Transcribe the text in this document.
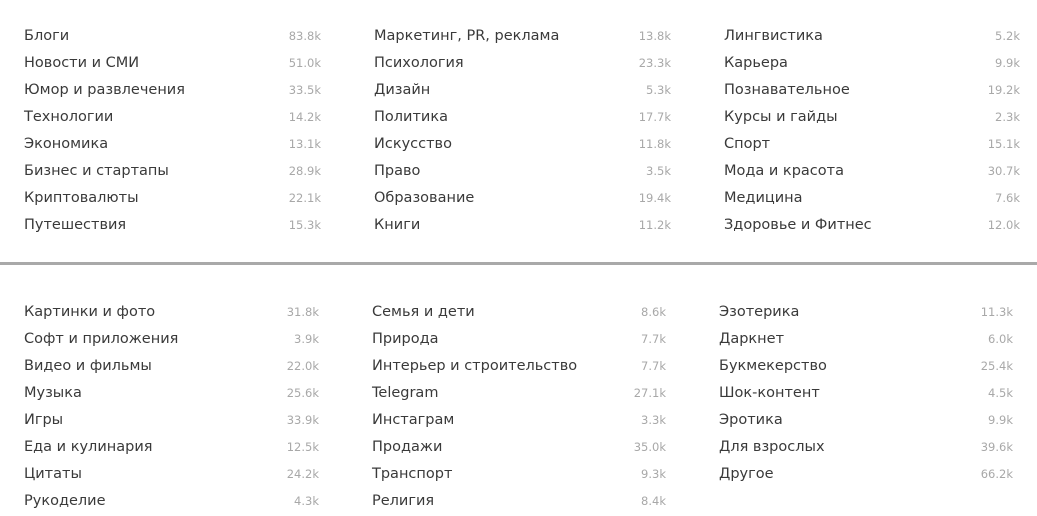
Блоги	83.8k
Новости и СМИ	51.0k
Юмор и развлечения	33.5k
Технологии	14.2k
Экономика	13.1k
Бизнес и стартапы	28.9k
Криптовалюты	22.1k
Путешествия	15.3k
Маркетинг, PR, реклама	13.8k
Психология	23.3k
Дизайн	5.3k
Политика	17.7k
Искусство	11.8k
Право	3.5k
Образование	19.4k
Книги	11.2k
Лингвистика	5.2k
Карьера	9.9k
Познавательное	19.2k
Курсы и гайды	2.3k
Спорт	15.1k
Мода и красота	30.7k
Медицина	7.6k
Здоровье и Фитнес	12.0k
Картинки и фото	31.8k
Софт и приложения	3.9k
Видео и фильмы	22.0k
Музыка	25.6k
Игры	33.9k
Еда и кулинария	12.5k
Цитаты	24.2k
Рукоделие	4.3k
Семья и дети	8.6k
Природа	7.7k
Интерьер и строительство	7.7k
Telegram	27.1k
Инстаграм	3.3k
Продажи	35.0k
Транспорт	9.3k
Религия	8.4k
Эзотерика	11.3k
Даркнет	6.0k
Букмекерство	25.4k
Шок-контент	4.5k
Эротика	9.9k
Для взрослых	39.6k
Другое	66.2k
